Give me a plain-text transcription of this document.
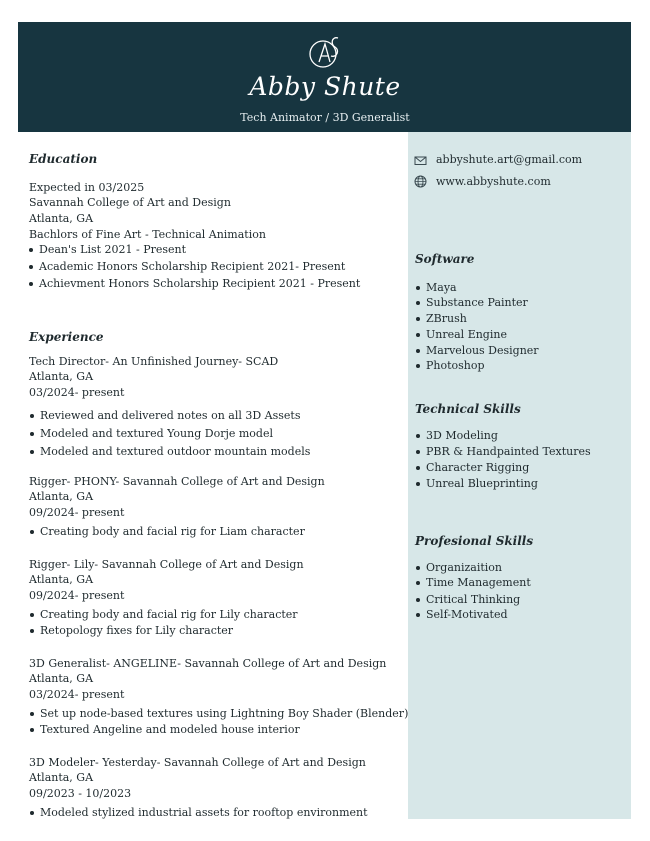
Abby Shute
Tech Animator / 3D Generalist
Education
Expected in 03/2025
Savannah College of Art and Design
Atlanta, GA
Bachlors of Fine Art - Technical Animation
Dean's List 2021 - Present
Academic Honors Scholarship Recipient 2021- Present
Achievment Honors Scholarship Recipient 2021 - Present
Experience
Tech Director- An Unfinished Journey- SCAD
Atlanta, GA
03/2024- present
Reviewed and delivered notes on all 3D Assets
Modeled and textured Young Dorje model
Modeled and textured outdoor mountain models
Rigger- PHONY- Savannah College of Art and Design
Atlanta, GA
09/2024- present
Creating body and facial rig for Liam character
Rigger- Lily- Savannah College of Art and Design
Atlanta, GA
09/2024- present
Creating body and facial rig for Lily character
Retopology fixes for Lily character
3D Generalist- ANGELINE- Savannah College of Art and Design
Atlanta, GA
03/2024- present
Set up node-based textures using Lightning Boy Shader (Blender)
Textured Angeline and modeled house interior
3D Modeler- Yesterday- Savannah College of Art and Design
Atlanta, GA
09/2023 - 10/2023
Modeled stylized industrial assets for rooftop environment
abbyshute.art@gmail.com
www.abbyshute.com
Software
Maya
Substance Painter
ZBrush
Unreal Engine
Marvelous Designer
Photoshop
Technical Skills
3D Modeling
PBR & Handpainted Textures
Character Rigging
Unreal Blueprinting
Profesional Skills
Organizaition
Time Management
Critical Thinking
Self-Motivated
